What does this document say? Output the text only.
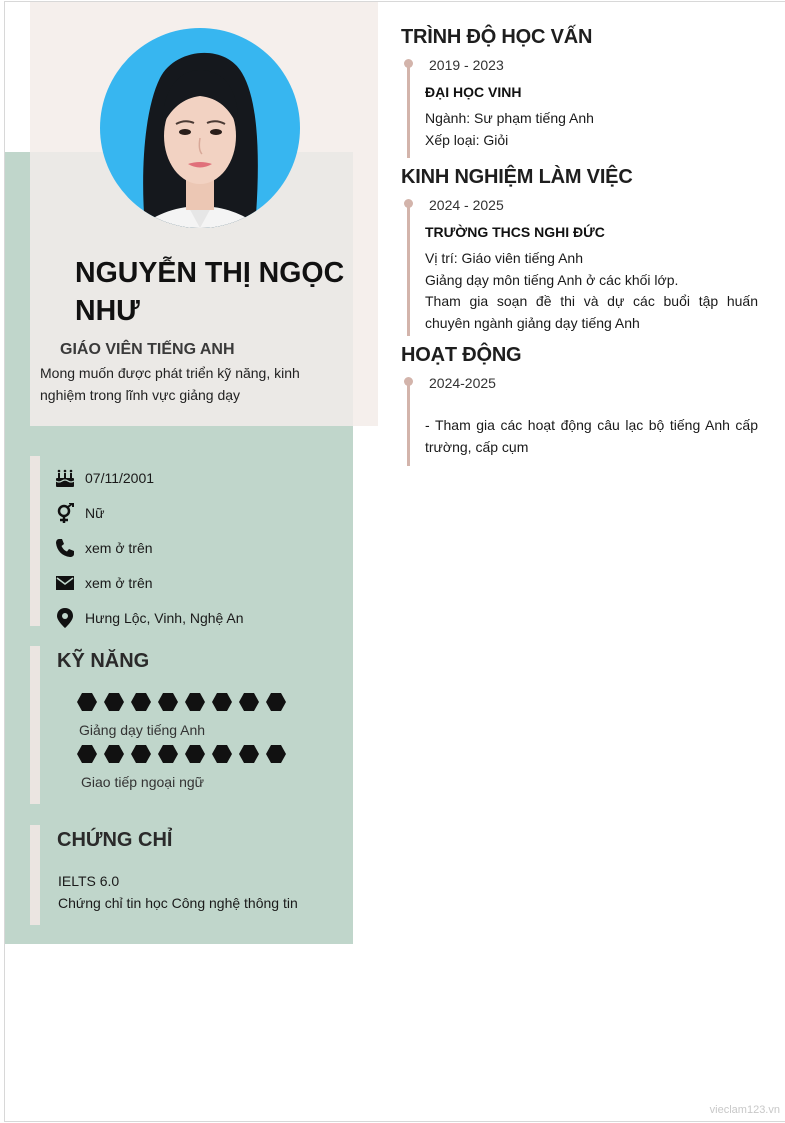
NGUYỄN THỊ NGỌC NHƯ
GIÁO VIÊN TIẾNG ANH
Mong muốn được phát triển kỹ năng, kinh nghiệm trong lĩnh vực giảng dạy
07/11/2001
Nữ
xem ở trên
xem ở trên
Hưng Lộc, Vinh, Nghệ An
KỸ NĂNG
Giảng dạy tiếng Anh
Giao tiếp ngoại ngữ
CHỨNG CHỈ
IELTS 6.0
Chứng chỉ tin học Công nghệ thông tin
TRÌNH ĐỘ HỌC VẤN
2019 - 2023
ĐẠI HỌC VINH
Ngành: Sư phạm tiếng Anh
Xếp loại: Giỏi
KINH NGHIỆM LÀM VIỆC
2024 - 2025
TRƯỜNG THCS NGHI ĐỨC
Vị trí: Giáo viên tiếng Anh
Giảng dạy môn tiếng Anh ở các khối lớp.
Tham gia soạn đề thi và dự các buổi tập huấn chuyên ngành giảng dạy tiếng Anh
HOẠT ĐỘNG
2024-2025
- Tham gia các hoạt động câu lạc bộ tiếng Anh cấp trường, cấp cụm
vieclam123.vn
